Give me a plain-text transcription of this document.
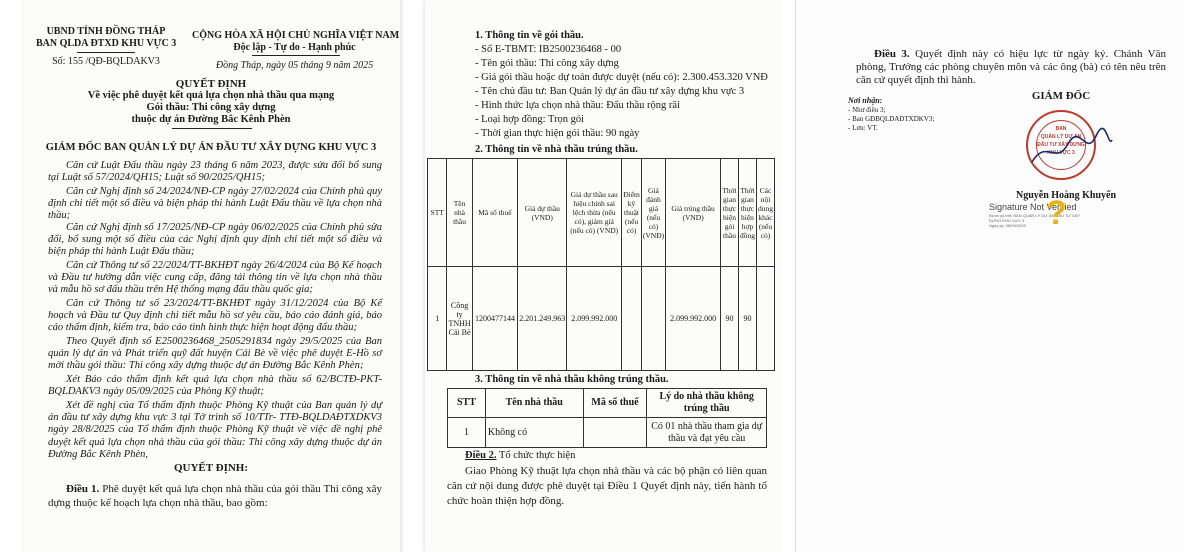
UBND TỈNH ĐỒNG THÁP
BAN QLDA ĐTXD KHU VỰC 3
Số: 155 /QĐ-BQLDAKV3
CỘNG HÒA XÃ HỘI CHỦ NGHĨA VIỆT NAM
Độc lập - Tự do - Hạnh phúc
Đồng Tháp, ngày 05 tháng 9 năm 2025
QUYẾT ĐỊNH
Về việc phê duyệt kết quả lựa chọn nhà thầu qua mạng
Gói thầu: Thi công xây dựng
thuộc dự án Đường Bắc Kênh Phèn
GIÁM ĐỐC BAN QUẢN LÝ DỰ ÁN ĐẦU TƯ XÂY DỰNG KHU VỰC 3
Căn cứ Luật Đấu thầu ngày 23 tháng 6 năm 2023, được sửa đổi bổ sung tại Luật số 57/2024/QH15; Luật số 90/2025/QH15;
Căn cứ Nghị định số 24/2024/NĐ-CP ngày 27/02/2024 của Chính phủ quy định chi tiết một số điều và biện pháp thi hành Luật Đấu thầu về lựa chọn nhà thầu;
Căn cứ Nghị định số 17/2025/NĐ-CP ngày 06/02/2025 của Chính phủ sửa đổi, bổ sung một số điều của các Nghị định quy định chi tiết một số điều và biện pháp thi hành Luật Đấu thầu;
Căn cứ Thông tư số 22/2024/TT-BKHĐT ngày 26/4/2024 của Bộ Kế hoạch và Đầu tư hướng dẫn việc cung cấp, đăng tải thông tin về lựa chọn nhà thầu và mẫu hồ sơ đấu thầu trên Hệ thống mạng đấu thầu quốc gia;
Căn cứ Thông tư số 23/2024/TT-BKHĐT ngày 31/12/2024 của Bộ Kế hoạch và Đầu tư Quy định chi tiết mẫu hồ sơ yêu cầu, báo cáo đánh giá, báo cáo thẩm định, kiểm tra, báo cáo tình hình thực hiện hoạt động đấu thầu;
Theo Quyết định số E2500236468_2505291834 ngày 29/5/2025 của Ban quản lý dự án và Phát triển quỹ đất huyện Cái Bè về việc phê duyệt E-Hồ sơ mời thầu gói thầu: Thi công xây dựng thuộc dự án Đường Bắc Kênh Phèn;
Xét Báo cáo thẩm định kết quả lựa chọn nhà thầu số 62/BCTĐ-PKT-BQLDAKV3 ngày 05/09/2025 của Phòng Kỹ thuật;
Xét đề nghị của Tổ thẩm định thuộc Phòng Kỹ thuật của Ban quản lý dự án đầu tư xây dựng khu vực 3 tại Tờ trình số 10/TTr- TTĐ-BQLDAĐTXDKV3 ngày 28/8/2025 của Tổ thẩm định thuộc Phòng Kỹ thuật về việc đề nghị phê duyệt kết quả lựa chọn nhà thầu của gói thầu: Thi công xây dựng thuộc dự án Đường Bắc Kênh Phèn,
QUYẾT ĐỊNH:
Điều 1. Phê duyệt kết quả lựa chọn nhà thầu của gói thầu Thi công xây dựng thuộc kế hoạch lựa chọn nhà thầu, bao gồm:
1. Thông tin về gói thầu.
- Số E-TBMT: IB2500236468 - 00
- Tên gói thầu: Thi công xây dựng
- Giá gói thầu hoặc dự toán được duyệt (nếu có): 2.300.453.320 VNĐ
- Tên chủ đầu tư: Ban Quản lý dự án đầu tư xây dựng khu vực 3
- Hình thức lựa chọn nhà thầu: Đấu thầu rộng rãi
- Loại hợp đồng: Trọn gói
- Thời gian thực hiện gói thầu: 90 ngày
2. Thông tin về nhà thầu trúng thầu.
STT	Tên nhà thầu	Mã số thuế	Giá dự thầu (VND)	Giá dự thầu sau hiệu chỉnh sai lệch thừa (nếu có), giảm giá (nếu có) (VND)	Điểm kỹ thuật (nếu có)	Giá đánh giá (nếu có) (VNĐ)	Giá trúng thầu (VND)	Thời gian thực hiện gói thầu	Thời gian thực hiện hợp đồng	Các nội dung khác (nếu có)
1	Công ty TNHH Cái Bè	1200477144	2.201.249.963	2.099.992.000			2.099.992.000	90	90	
3. Thông tin về nhà thầu không trúng thầu.
STT	Tên nhà thầu	Mã số thuế	Lý do nhà thầu không trúng thầu
1	Không có		Có 01 nhà thầu tham gia dự thầu và đạt yêu cầu
Điều 2. Tổ chức thực hiện
Giao Phòng Kỹ thuật lựa chọn nhà thầu và các bộ phận có liên quan căn cứ nội dung được phê duyệt tại Điều 1 Quyết định này, tiến hành tổ chức hoàn thiện hợp đồng.
Điều 3. Quyết định này có hiệu lực từ ngày ký. Chánh Văn phòng, Trưởng các phòng chuyên môn và các ông (bà) có tên nêu trên căn cứ quyết định thi hành.
Nơi nhận:
- Như điều 3;
- Ban GĐBQLDAĐTXDKV3;
- Lưu: VT.
GIÁM ĐỐC
BAN
QUẢN LÝ DỰ ÁN
ĐẦU TƯ XÂY DỰNG
KHU VỰC 3
Nguyễn Hoàng Khuyến
Signature Not Verified
Được ký bởi: BAN QUẢN LÝ DỰ ÁN ĐẦU TƯ XÂY
DỰNG KHU VỰC 3
Ngày ký: 05/09/2025 ?
